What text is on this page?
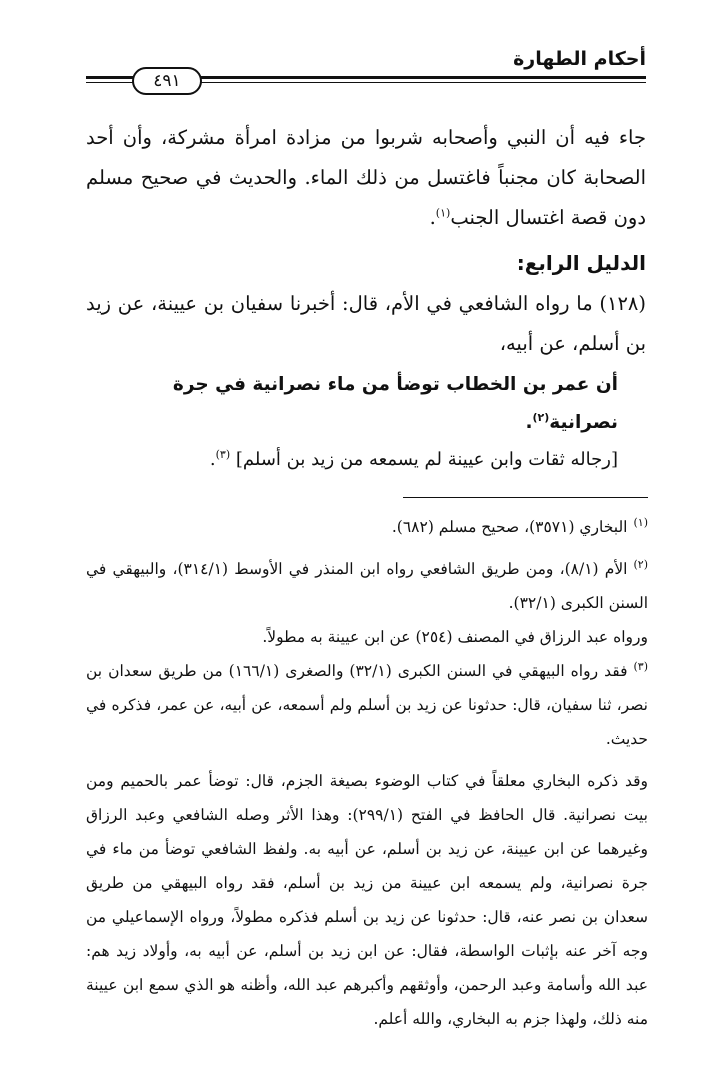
أحكام الطهارة
٤٩١

جاء فيه أن النبي وأصحابه شربوا من مزادة امرأة مشركة، وأن أحد الصحابة كان مجنباً فاغتسل من ذلك الماء. والحديث في صحيح مسلم دون قصة اغتسال الجنب$^{(١)}$.

الدليل الرابع:

(١٢٨) ما رواه الشافعي في الأم، قال: أخبرنا سفيان بن عيينة، عن زيد بن أسلم، عن أبيه،

أن عمر بن الخطاب توضأ من ماء نصرانية في جرة نصرانية$^{(٢)}$.

[رجاله ثقات وابن عيينة لم يسمعه من زيد بن أسلم] $^{(٣)}$.

$^{(١)}$البخاري (٣٥٧١)، صحيح مسلم (٦٨٢).

$^{(٢)}$الأم (٨/١)، ومن طريق الشافعي رواه ابن المنذر في الأوسط (٣١٤/١)، والبيهقي في السنن الكبرى (٣٢/١).

ورواه عبد الرزاق في المصنف (٢٥٤) عن ابن عيينة به مطولاً.

$^{(٣)}$فقد رواه البيهقي في السنن الكبرى (٣٢/١) والصغرى (١٦٦/١) من طريق سعدان بن نصر، ثنا سفيان، قال: حدثونا عن زيد بن أسلم ولم أسمعه، عن أبيه، عن عمر، فذكره في حديث.

وقد ذكره البخاري معلقاً في كتاب الوضوء بصيغة الجزم، قال: توضأ عمر بالحميم ومن بيت نصرانية. قال الحافظ في الفتح (٢٩٩/١): وهذا الأثر وصله الشافعي وعبد الرزاق وغيرهما عن ابن عيينة، عن زيد بن أسلم، عن أبيه به. ولفظ الشافعي توضأ من ماء في جرة نصرانية، ولم يسمعه ابن عيينة من زيد بن أسلم، فقد رواه البيهقي من طريق سعدان بن نصر عنه، قال: حدثونا عن زيد بن أسلم فذكره مطولاً، ورواه الإسماعيلي من وجه آخر عنه بإثبات الواسطة، فقال: عن ابن زيد بن أسلم، عن أبيه به، وأولاد زيد هم: عبد الله وأسامة وعبد الرحمن، وأوثقهم وأكبرهم عبد الله، وأظنه هو الذي سمع ابن عيينة منه ذلك، ولهذا جزم به البخاري، والله أعلم.
